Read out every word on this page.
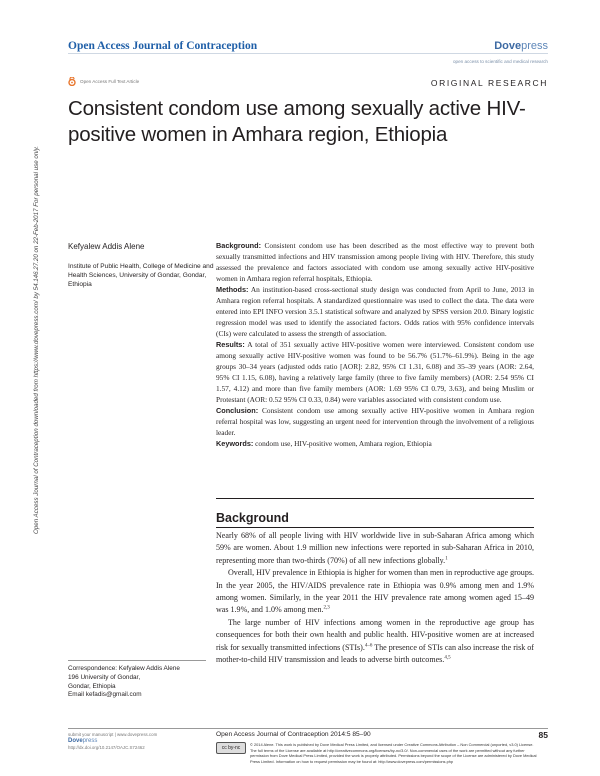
Open Access Journal of Contraception	Dovepress
open access to scientific and medical research
Open Access Full Text Article	ORIGINAL RESEARCH
Consistent condom use among sexually active HIV-positive women in Amhara region, Ethiopia
Open Access Journal of Contraception downloaded from https://www.dovepress.com/ by 54.146.27.20 on 22-Feb-2017 For personal use only.	Kefyalew Addis Alene
Institute of Public Health, College of Medicine and Health Sciences, University of Gondar, Gondar, Ethiopia

Background: Consistent condom use has been described as the most effective way to prevent both sexually transmitted infections and HIV transmission among people living with HIV. Therefore, this study assessed the prevalence and factors associated with condom use among sexually active HIV-positive women in Amhara region referral hospitals, Ethiopia.

Methods: An institution-based cross-sectional study design was conducted from April to June, 2013 in Amhara region referral hospitals. A standardized questionnaire was used to collect the data. The data were entered into EPI INFO version 3.5.1 statistical software and analyzed by SPSS version 20.0. Binary logistic regression model was used to identify the associated factors. Odds ratios with 95% confidence intervals (CIs) were calculated to assess the strength of association.

Results: A total of 351 sexually active HIV-positive women were interviewed. Consistent condom use among sexually active HIV-positive women was found to be 56.7% (51.7%–61.9%). Being in the age groups 30–34 years (adjusted odds ratio [AOR]: 2.82, 95% CI 1.31, 6.08) and 35–39 years (AOR: 2.64, 95% CI 1.15, 6.08), having a relatively large family (three to five family members) (AOR: 2.54 95% CI 1.57, 4.12) and more than five family members (AOR: 1.69 95% CI 0.79, 3.63), and being Muslim or Protestant (AOR: 0.52 95% CI 0.33, 0.84) were variables associated with consistent condom use.

Conclusion: Consistent condom use among sexually active HIV-positive women in Amhara region referral hospital was low, suggesting an urgent need for intervention through the involvement of a religious leader.

Keywords: condom use, HIV-positive women, Amhara region, Ethiopia

Background

Nearly 68% of all people living with HIV worldwide live in sub-Saharan Africa among which 59% are women. About 1.9 million new infections were reported in sub-Saharan Africa in 2010, representing more than two-thirds (70%) of all new infections globally.$^1$

Overall, HIV prevalence in Ethiopia is higher for women than men in reproductive age groups. In the year 2005, the HIV/AIDS prevalence rate in Ethiopia was 0.9% among men and 1.9% among women. Similarly, in the year 2011 the HIV prevalence rate among women aged 15–49 was 1.9%, and 1.0% among men.$^{2,3}$

The large number of HIV infections among women in the reproductive age group has consequences for both their own health and public health. HIV-positive women are at increased risk for sexually transmitted infections (STIs).$^{4-6}$ The presence of STIs can also increase the risk of mother-to-child HIV transmission and leads to adverse birth outcomes.$^{4,5}$

Correspondence: Kefyalew Addis Alene
196 University of Gondar,
Gondar, Ethiopia
Email kefadis@gmail.com
submit your manuscript | www.dovepress.com
Dovepress
http://dx.doi.org/10.2147/OAJC.S72462
Open Access Journal of Contraception 2014:5 85–90	85
cc by-nc
© 2014 Alene. This work is published by Dove Medical Press Limited, and licensed under Creative Commons Attribution – Non Commercial (unported, v3.0) License. The full terms of the License are available at http://creativecommons.org/licenses/by-nc/3.0/. Non-commercial uses of the work are permitted without any further permission from Dove Medical Press Limited, provided the work is properly attributed. Permissions beyond the scope of the License are administered by Dove Medical Press Limited. Information on how to request permission may be found at: http://www.dovepress.com/permissions.php
